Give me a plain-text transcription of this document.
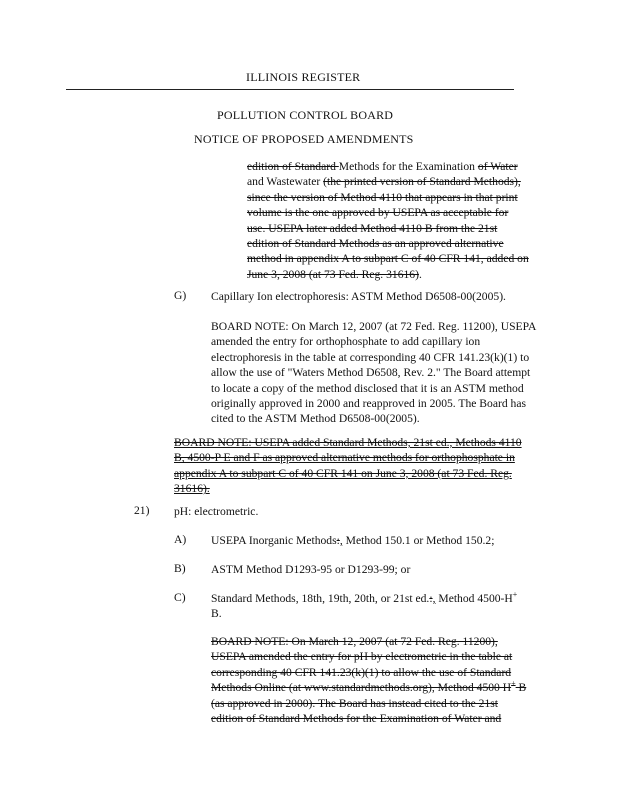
ILLINOIS REGISTER
POLLUTION CONTROL BOARD
NOTICE OF PROPOSED AMENDMENTS
edition of Standard Methods for the Examination of Water and Wastewater (the printed version of Standard Methods), since the version of Method 4110 that appears in that print volume is the one approved by USEPA as acceptable for use. USEPA later added Method 4110 B from the 21st edition of Standard Methods as an approved alternative method in appendix A to subpart C of 40 CFR 141, added on June 3, 2008 (at 73 Fed. Reg. 31616).
G) Capillary Ion electrophoresis: ASTM Method D6508-00(2005).
BOARD NOTE: On March 12, 2007 (at 72 Fed. Reg. 11200), USEPA amended the entry for orthophosphate to add capillary ion electrophoresis in the table at corresponding 40 CFR 141.23(k)(1) to allow the use of "Waters Method D6508, Rev. 2." The Board attempt to locate a copy of the method disclosed that it is an ASTM method originally approved in 2000 and reapproved in 2005. The Board has cited to the ASTM Method D6508-00(2005).
BOARD NOTE: USEPA added Standard Methods, 21st ed., Methods 4110 B, 4500-P E and F as approved alternative methods for orthophosphate in appendix A to subpart C of 40 CFR 141 on June 3, 2008 (at 73 Fed. Reg. 31616).
21) pH: electrometric.
A) USEPA Inorganic Methods:, Method 150.1 or Method 150.2;
B) ASTM Method D1293-95 or D1293-99; or
C) Standard Methods, 18th, 19th, 20th, or 21st ed.:, Method 4500-H+
B.
BOARD NOTE: On March 12, 2007 (at 72 Fed. Reg. 11200), USEPA amended the entry for pH by electrometric in the table at corresponding 40 CFR 141.23(k)(1) to allow the use of Standard Methods Online (at www.standardmethods.org), Method 4500 H+ B (as approved in 2000). The Board has instead cited to the 21st edition of Standard Methods for the Examination of Water and
